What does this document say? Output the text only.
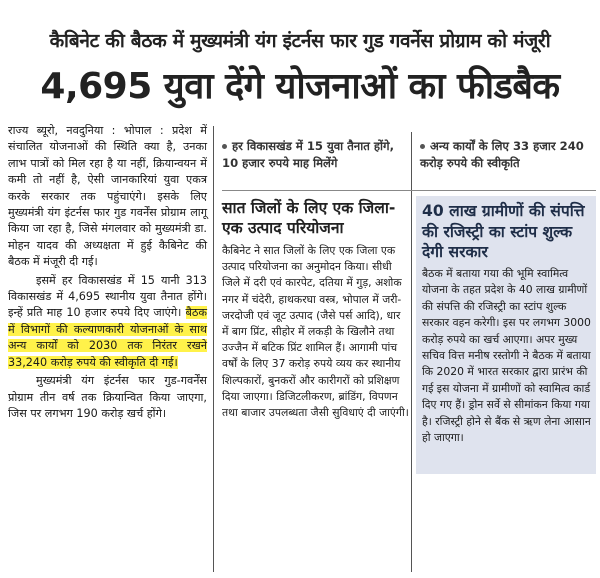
कैबिनेट की बैठक में मुख्यमंत्री यंग इंटर्नस फार गुड गवर्नेस प्रोग्राम को मंजूरी
4,695 युवा देंगे योजनाओं का फीडबैक

राज्य ब्यूरो, नवदुनिया : भोपाल : प्रदेश में संचालित योजनाओं की स्थिति क्या है, उनका लाभ पात्रों को मिल रहा है या नहीं, क्रियान्वयन में कमी तो नहीं है, ऐसी जानकारियां युवा एकत्र करके सरकार तक पहुंचाएंगे। इसके लिए मुख्यमंत्री यंग इंटर्नस फार गुड गवर्नेंस प्रोग्राम लागू किया जा रहा है, जिसे मंगलवार को मुख्यमंत्री डा. मोहन यादव की अध्यक्षता में हुई कैबिनेट की बैठक में मंजूरी दी गई।

इसमें हर विकासखंड में 15 यानी 313 विकासखंड में 4,695 स्थानीय युवा तैनात होंगे। इन्हें प्रति माह 10 हजार रुपये दिए जाएंगे। बैठक में विभागों की कल्याणकारी योजनाओं के साथ अन्य कार्यों को 2030 तक निरंतर रखने 33,240 करोड़ रुपये की स्वीकृति दी गई।

मुख्यमंत्री यंग इंटर्नस फार गुड-गवर्नेंस प्रोग्राम तीन वर्ष तक क्रियान्वित किया जाएगा, जिस पर लगभग 190 करोड़ खर्च होंगे।

हर विकासखंड में 15 युवा तैनात होंगे, 10 हजार रुपये माह मिलेंगे
अन्य कार्यों के लिए 33 हजार 240 करोड़ रुपये की स्वीकृति
सात जिलों के लिए एक जिला-एक उत्पाद परियोजना
कैबिनेट ने सात जिलों के लिए एक जिला एक उत्पाद परियोजना का अनुमोदन किया। सीधी जिले में दरी एवं कारपेट, दतिया में गुड़, अशोक नगर में चंदेरी, हाथकरघा वस्त्र, भोपाल में जरी-जरदोजी एवं जूट उत्पाद (जैसे पर्स आदि), धार में बाग प्रिंट, सीहोर में लकड़ी के खिलौने तथा उज्जैन में बटिक प्रिंट शामिल हैं। आगामी पांच वर्षों के लिए 37 करोड़ रुपये व्यय कर स्थानीय शिल्पकारों, बुनकरों और कारीगरों को प्रशिक्षण दिया जाएगा। डिजिटलीकरण, ब्रांडिंग, विपणन तथा बाजार उपलब्धता जैसी सुविधाएं दी जाएंगी।
40 लाख ग्रामीणों की संपत्ति की रजिस्ट्री का स्टांप शुल्क देगी सरकार
बैठक में बताया गया की भूमि स्वामित्व योजना के तहत प्रदेश के 40 लाख ग्रामीणों की संपत्ति की रजिस्ट्री का स्टांप शुल्क सरकार वहन करेगी। इस पर लगभग 3000 करोड़ रुपये का खर्च आएगा। अपर मुख्य सचिव वित्त मनीष रस्तोगी ने बैठक में बताया कि 2020 में भारत सरकार द्वारा प्रारंभ की गई इस योजना में ग्रामीणों को स्वामित्व कार्ड दिए गए हैं। ड्रोन सर्वे से सीमांकन किया गया है। रजिस्ट्री होने से बैंक से ऋण लेना आसान हो जाएगा।
